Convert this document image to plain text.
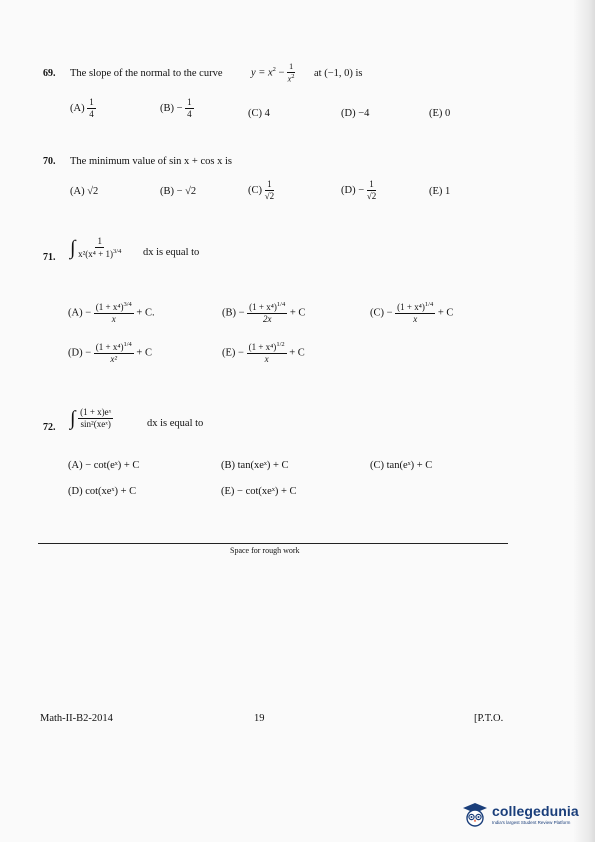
69. The slope of the normal to the curve	$y = x^2 - \frac{1}{x^2}$ at (−1, 0) is
$(A) \frac{1}{4}$	$(B) - \frac{1}{4}$	(C) 4	(D) −4	(E) 0
70. The minimum value of sin x + cos x is
(A) √2	(B) − √2	$(C) \frac{1}{√2}$	$(D) - \frac{1}{√2}$	(E) 1
71. ∫ $\frac{1}{x^2(x^4 + 1)^{3/4}}$ dx is equal to
$(A) - \frac{(1 + x^4)^{3/4}}{x} + C$.	$(B) - \frac{(1 + x^4)^{1/4}}{2x} + C$	$(C) - \frac{(1 + x^4)^{1/4}}{x} + C$
$(D) - \frac{(1 + x^4)^{1/4}}{\text{x²}} + C$	$(E) - \frac{(1 + x^4)^{1/2}}{x} + C$
72. ∫ $\frac{\text{(1 + x)eˣ}}{\text{sin²(xeˣ)}}$	dx is equal to
(A) − cot(eˣ) + C	(B) tan(xeˣ) + C	(C) tan(eˣ) + C
(D) cot(xeˣ) + C	(E) − cot(xeˣ) + C
Space for rough work
Math-II-B2-2014	19	[P.T.O.
collegedunia
India's largest Student Review Platform
